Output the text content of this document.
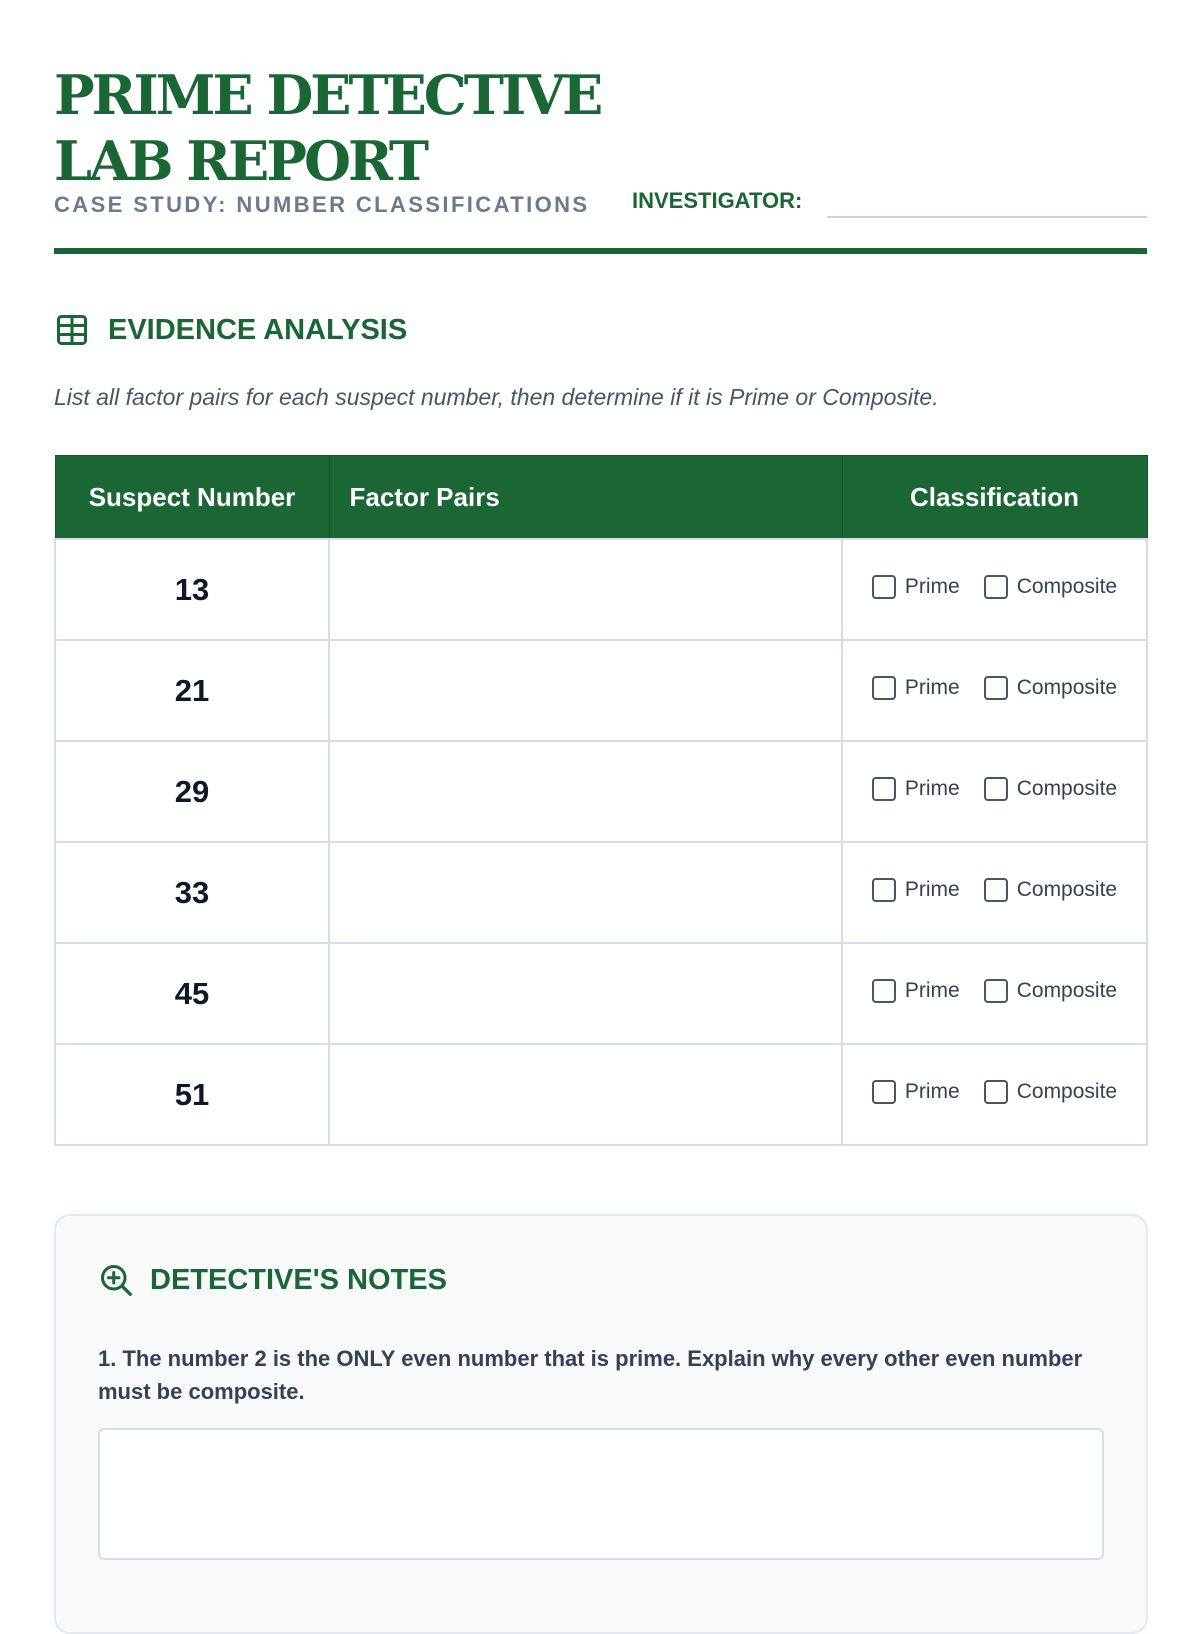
PRIME DETECTIVE
LAB REPORT
CASE STUDY: NUMBER CLASSIFICATIONS INVESTIGATOR:
EVIDENCE ANALYSIS
List all factor pairs for each suspect number, then determine if it is Prime or Composite.
Suspect Number	Factor Pairs	Classification
13		Prime Composite

21		Prime Composite

29		Prime Composite

33		Prime Composite

45		Prime Composite

51		Prime Composite
DETECTIVE'S NOTES
1. The number 2 is the ONLY even number that is prime. Explain why every other even number must be composite.
